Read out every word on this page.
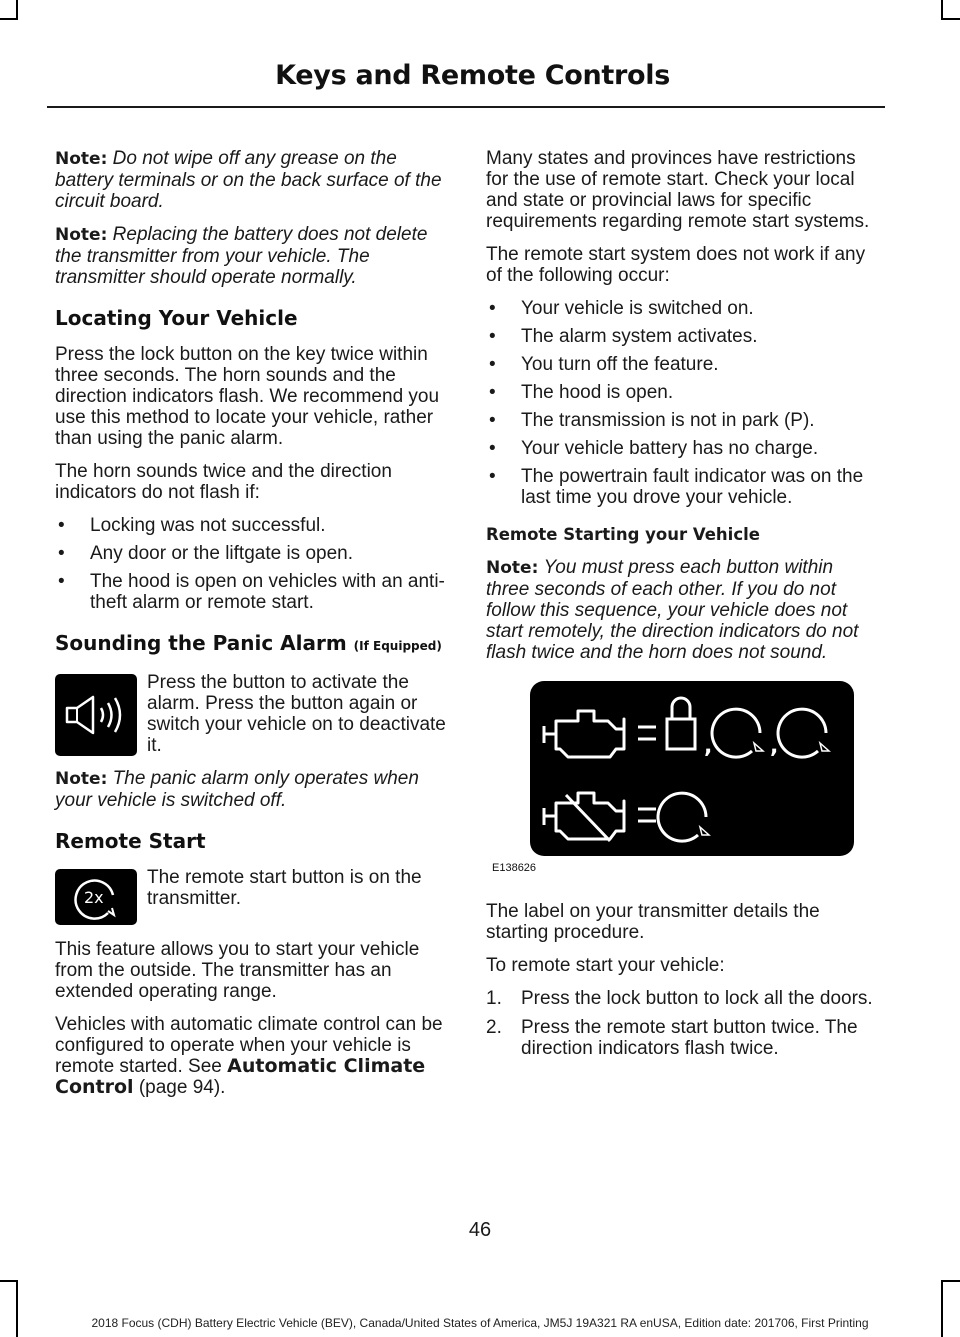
Keys and Remote Controls

Note: Do not wipe off any grease on the battery terminals or on the back surface of the circuit board.

Note: Replacing the battery does not delete the transmitter from your vehicle. The transmitter should operate normally.

Locating Your Vehicle

Press the lock button on the key twice within three seconds. The horn sounds and the direction indicators flash. We recommend you use this method to locate your vehicle, rather than using the panic alarm.

The horn sounds twice and the direction indicators do not flash if:

• Locking was not successful.
• Any door or the liftgate is open.
• The hood is open on vehicles with an anti-theft alarm or remote start.
Sounding the Panic Alarm (If Equipped)

Press the button to activate the alarm. Press the button again or switch your vehicle on to deactivate it.

Note: The panic alarm only operates when your vehicle is switched off.

Remote Start
2x

The remote start button is on the transmitter.

This feature allows you to start your vehicle from the outside. The transmitter has an extended operating range.

Vehicles with automatic climate control can be configured to operate when your vehicle is remote started. See Automatic Climate Control (page 94).

Many states and provinces have restrictions for the use of remote start. Check your local and state or provincial laws for specific requirements regarding remote start systems.

The remote start system does not work if any of the following occur:

• Your vehicle is switched on.
• The alarm system activates.
• You turn off the feature.
• The hood is open.
• The transmission is not in park (P).
• Your vehicle battery has no charge.
• The powertrain fault indicator was on the last time you drove your vehicle.
Remote Starting your Vehicle

Note: You must press each button within three seconds of each other. If you do not follow this sequence, your vehicle does not start remotely, the direction indicators do not flash twice and the horn does not sound.

,	,
E138626

The label on your transmitter details the starting procedure.

To remote start your vehicle:

1. Press the lock button to lock all the doors.
2. Press the remote start button twice. The direction indicators flash twice.
46
2018 Focus (CDH) Battery Electric Vehicle (BEV), Canada/United States of America, JM5J 19A321 RA enUSA, Edition date: 201706, First Printing
